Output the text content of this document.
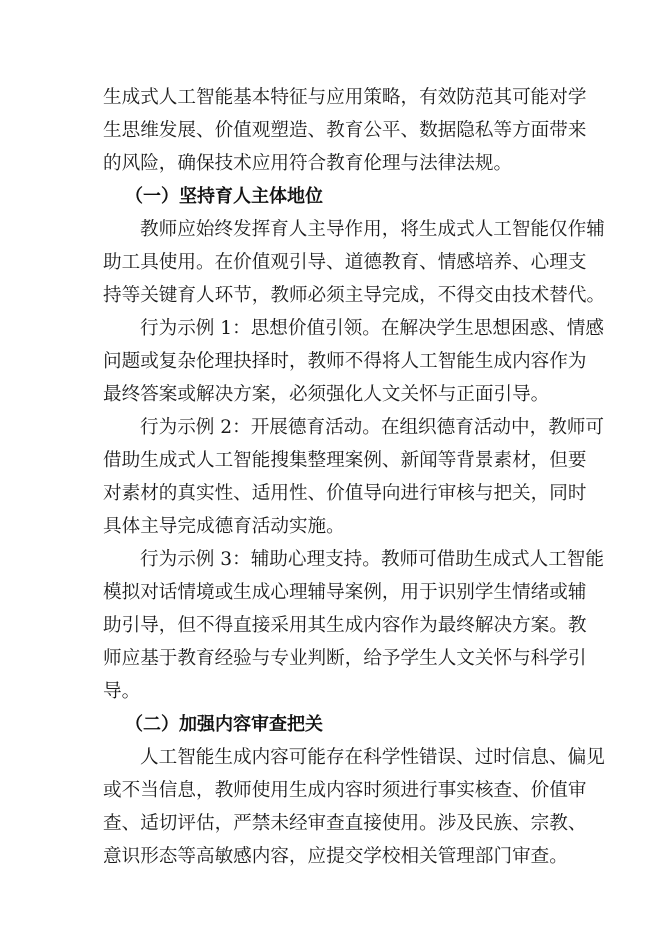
生成式人工智能基本特征与应用策略，有效防范其可能对学
生思维发展、价值观塑造、教育公平、数据隐私等方面带来
的风险，确保技术应用符合教育伦理与法律法规。
（一）坚持育人主体地位
教师应始终发挥育人主导作用，将生成式人工智能仅作辅
助工具使用。在价值观引导、道德教育、情感培养、心理支
持等关键育人环节，教师必须主导完成，不得交由技术替代。
行为示例 1：思想价值引领。在解决学生思想困惑、情感
问题或复杂伦理抉择时，教师不得将人工智能生成内容作为
最终答案或解决方案，必须强化人文关怀与正面引导。
行为示例 2：开展德育活动。在组织德育活动中，教师可
借助生成式人工智能搜集整理案例、新闻等背景素材，但要
对素材的真实性、适用性、价值导向进行审核与把关，同时
具体主导完成德育活动实施。
行为示例 3：辅助心理支持。教师可借助生成式人工智能
模拟对话情境或生成心理辅导案例，用于识别学生情绪或辅
助引导，但不得直接采用其生成内容作为最终解决方案。教
师应基于教育经验与专业判断，给予学生人文关怀与科学引
导。
（二）加强内容审查把关
人工智能生成内容可能存在科学性错误、过时信息、偏见
或不当信息，教师使用生成内容时须进行事实核查、价值审
查、适切评估，严禁未经审查直接使用。涉及民族、宗教、
意识形态等高敏感内容，应提交学校相关管理部门审查。
